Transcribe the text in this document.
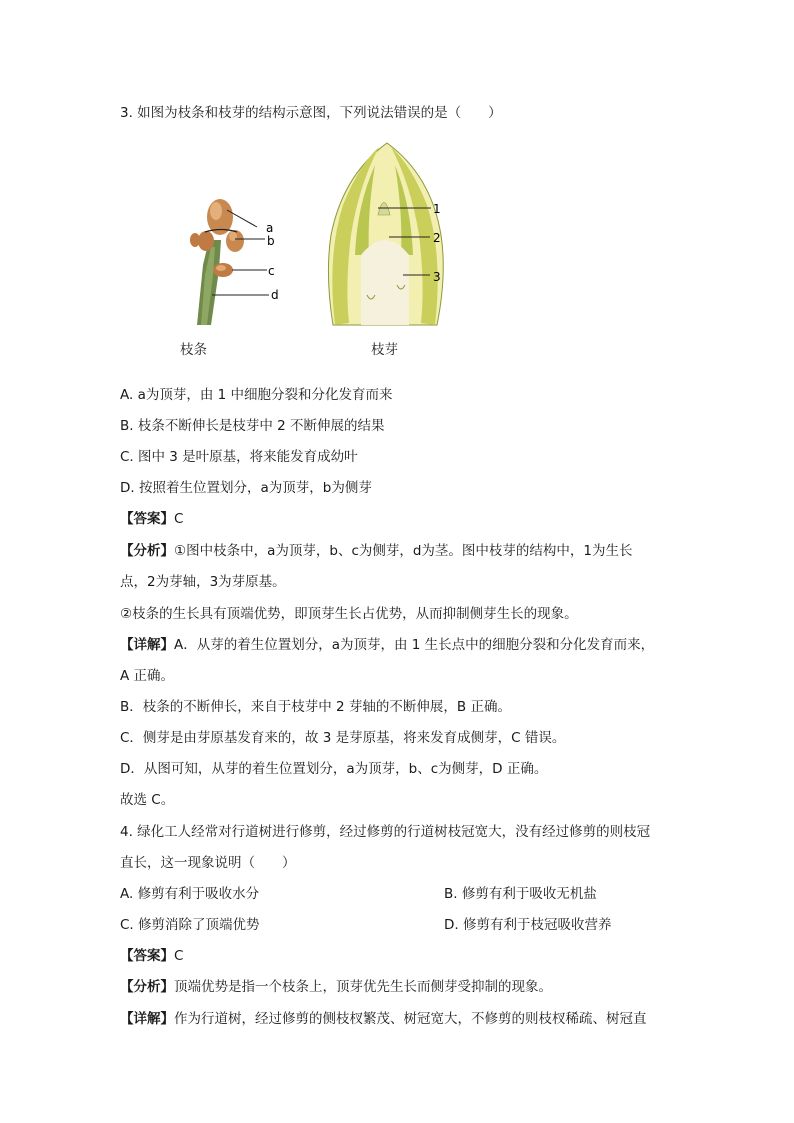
3. 如图为枝条和枝芽的结构示意图，下列说法错误的是（　　）
a
b
c
d
1
2
3
枝条	枝芽
A. a为顶芽，由 1 中细胞分裂和分化发育而来
B. 枝条不断伸长是枝芽中 2 不断伸展的结果
C. 图中 3 是叶原基，将来能发育成幼叶
D. 按照着生位置划分，a为顶芽，b为侧芽
【答案】C
【分析】①图中枝条中，a为顶芽，b、c为侧芽，d为茎。图中枝芽的结构中，1为生长
点，2为芽轴，3为芽原基。
②枝条的生长具有顶端优势，即顶芽生长占优势，从而抑制侧芽生长的现象。
【详解】A．从芽的着生位置划分，a为顶芽，由 1 生长点中的细胞分裂和分化发育而来，
A 正确。
B．枝条的不断伸长，来自于枝芽中 2 芽轴的不断伸展，B 正确。
C．侧芽是由芽原基发育来的，故 3 是芽原基，将来发育成侧芽，C 错误。
D．从图可知，从芽的着生位置划分，a为顶芽，b、c为侧芽，D 正确。
故选 C。
4. 绿化工人经常对行道树进行修剪，经过修剪的行道树枝冠宽大，没有经过修剪的则枝冠
直长，这一现象说明（　　）
A. 修剪有利于吸收水分	B. 修剪有利于吸收无机盐
C. 修剪消除了顶端优势	D. 修剪有利于枝冠吸收营养
【答案】C
【分析】顶端优势是指一个枝条上，顶芽优先生长而侧芽受抑制的现象。
【详解】作为行道树，经过修剪的侧枝杈繁茂、树冠宽大，不修剪的则枝杈稀疏、树冠直
